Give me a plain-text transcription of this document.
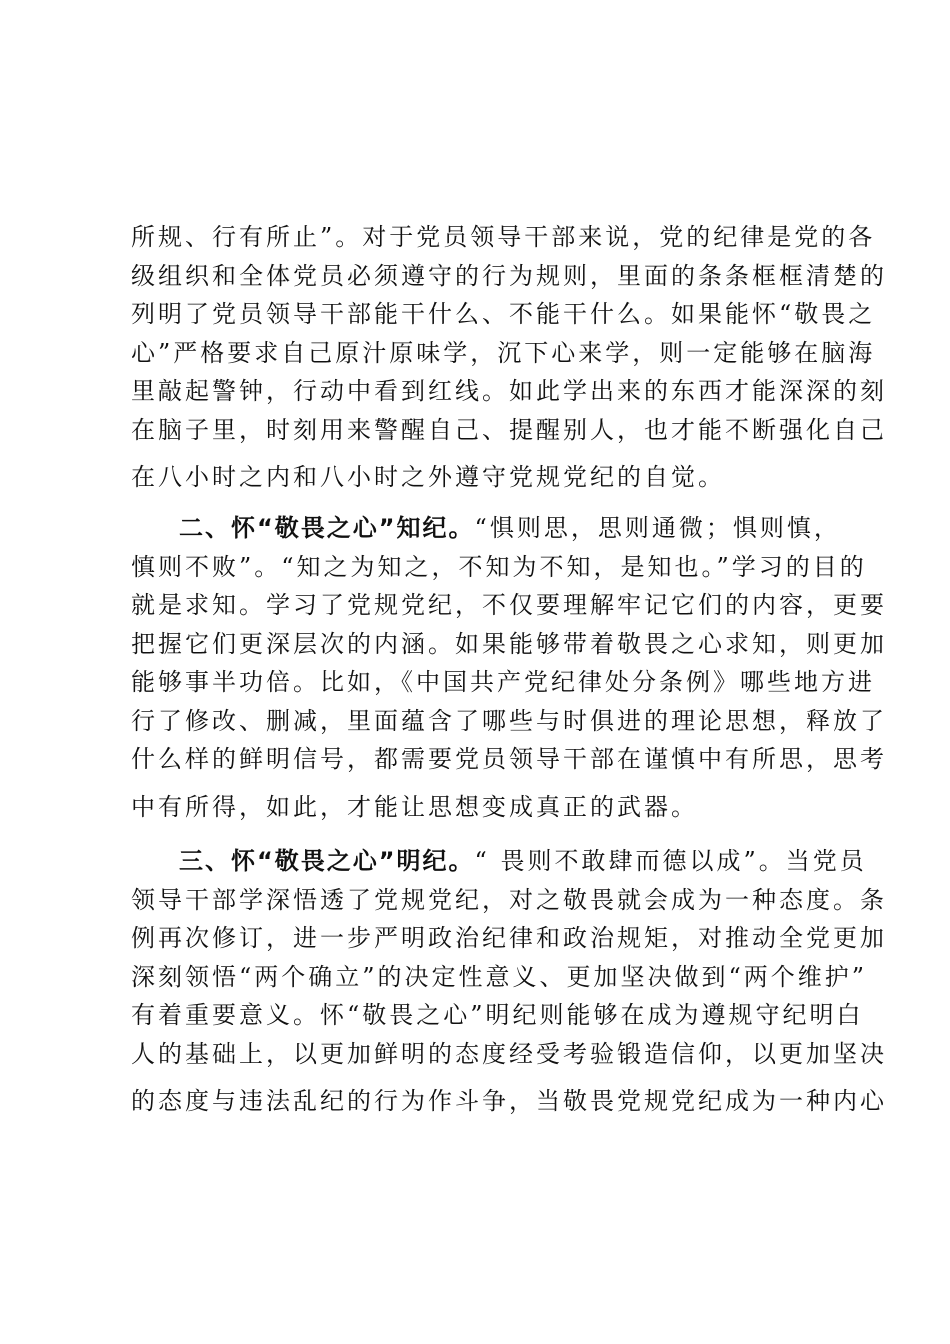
所规、行有所止”。对于党员领导干部来说，党的纪律是党的各
级组织和全体党员必须遵守的行为规则，里面的条条框框清楚的
列明了党员领导干部能干什么、不能干什么。如果能怀“敬畏之
心”严格要求自己原汁原味学，沉下心来学，则一定能够在脑海
里敲起警钟，行动中看到红线。如此学出来的东西才能深深的刻
在脑子里，时刻用来警醒自己、提醒别人，也才能不断强化自己
在八小时之内和八小时之外遵守党规党纪的自觉。
二、怀“敬畏之心”知纪。“惧则思，思则通微；惧则慎，
慎则不败”。“知之为知之，不知为不知，是知也。”学习的目的
就是求知。学习了党规党纪，不仅要理解牢记它们的内容，更要
把握它们更深层次的内涵。如果能够带着敬畏之心求知，则更加
能够事半功倍。比如，《中国共产党纪律处分条例》哪些地方进
行了修改、删减，里面蕴含了哪些与时俱进的理论思想，释放了
什么样的鲜明信号，都需要党员领导干部在谨慎中有所思，思考
中有所得，如此，才能让思想变成真正的武器。
三、怀“敬畏之心”明纪。“ 畏则不敢肆而德以成”。当党员
领导干部学深悟透了党规党纪，对之敬畏就会成为一种态度。条
例再次修订，进一步严明政治纪律和政治规矩，对推动全党更加
深刻领悟“两个确立”的决定性意义、更加坚决做到“两个维护”
有着重要意义。怀“敬畏之心”明纪则能够在成为遵规守纪明白
人的基础上，以更加鲜明的态度经受考验锻造信仰，以更加坚决
的态度与违法乱纪的行为作斗争，当敬畏党规党纪成为一种内心
